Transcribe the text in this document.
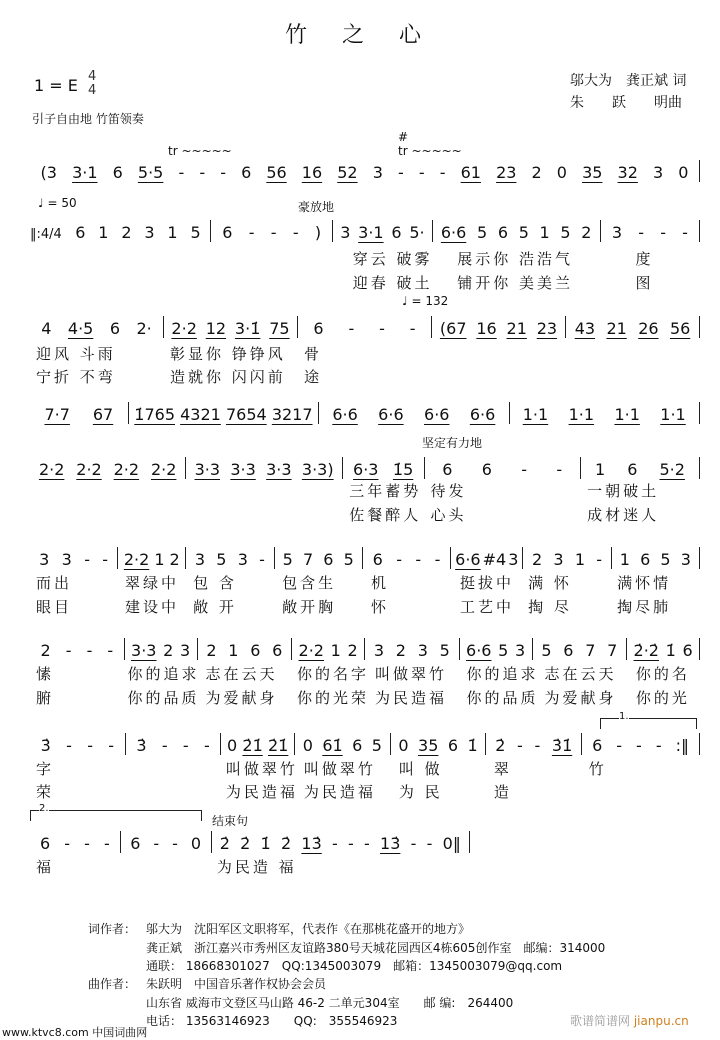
竹 之 心
1 = E 4
4
邬大为　龚正斌 词
朱　　跃　　明曲
引子自由地 竹笛领奏
tr ~~~~~
#
tr ~~~~~
♩ = 50	豪放地
♩ = 132
坚定有力地
1.
2.
结束句
(3 3·1 6 5·5 - - - 6 56 16 52 3 - - - 61 23 2 0 35 32 3 0
‖:4/4 6 1 2 3 1 5 6 - - - ) 3 3·1 6 5· 6·6 5 6 5 1 5 2 3 - - -
穿云 破雾	展示你 浩浩气	度
迎春 破土	铺开你 美美兰	图
4 4·5 6 2· 2·2 12 3·1̇ 75 6 - - - (67 16 21 23 43 21 26 56
迎风 斗雨	彰显你 铮铮风	骨
宁折 不弯	造就你 闪闪前	途
7·7 67 1̇765 4321 7654 3217 6·6 6·6 6·6 6·6 1·1 1·1 1·1 1·1
2·2 2·2 2·2 2·2 3·3 3·3 3·3 3·3) 6·3 1̇5 6 6 - - 1 6 5·2
三年蓄势 待发	一朝破土
佐餐醉人 心头	成材迷人
3 3 - - 2·2 1 2 3 5 3 - 5 7 6 5 6 - - - 6·6 #4 3 2 3 1 - 1 6 5 3
而出	翠绿中 包 含	包含生	机	挺拔中 满 怀	满怀情
眼目	建设中 敞 开	敞开胸	怀	工艺中 掏 尽	掏尽肺
2 - - - 3·3 2 3 2 1 6 6 2·2 1 2 3 2 3 5 6·6 5 3 5 6 7 7 2̇·2̇ 1̇ 6
愫	你的追求 志在云天	你的名字 叫做翠竹	你的追求 志在云天	你的名
腑	你的品质 为爱献身	你的光荣 为民造福	你的品质 为爱献身	你的光
3̇ - - - 3̇ - - - 0 2̇1̇ 2̇1̇ 0 61̇ 6 5 0 35 6 1̇ 2̇ - - 3̇1̇ 6 - - - :‖
字	叫做翠竹 叫做翠竹	叫 做	翠	竹
荣	为民造福 为民造福	为 民	造
6 - - - 6 - - 0 2̇ 2̇ 1̇ 2̇ 13̇ - - - 13̇ - - 0‖
福	为民造 福
词作者： 邬大为　沈阳军区文职将军，代表作《在那桃花盛开的地方》
龚正斌　浙江嘉兴市秀州区友谊路380号天城花园西区4栋605创作室　邮编：314000
通联： 18668301027　QQ:1345003079　邮箱：1345003079@qq.com
曲作者： 朱跃明　中国音乐著作权协会会员
山东省 威海市文登区马山路 46-2 二单元304室　　邮 编:　264400
电话： 13563146923　　QQ:　355546923
www.ktvc8.com 中国词曲网
歌谱简谱网 jianpu.cn
